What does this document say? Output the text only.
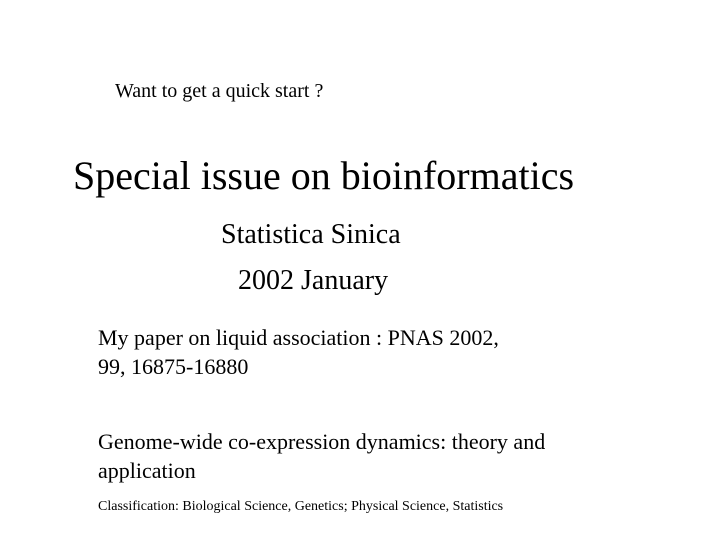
Want to get a quick start ?

Special issue on bioinformatics

Statistica Sinica

2002 January

My paper on liquid association : PNAS 2002,
99, 16875-16880
Genome-wide co-expression dynamics: theory and
application

Classification: Biological Science, Genetics; Physical Science, Statistics
